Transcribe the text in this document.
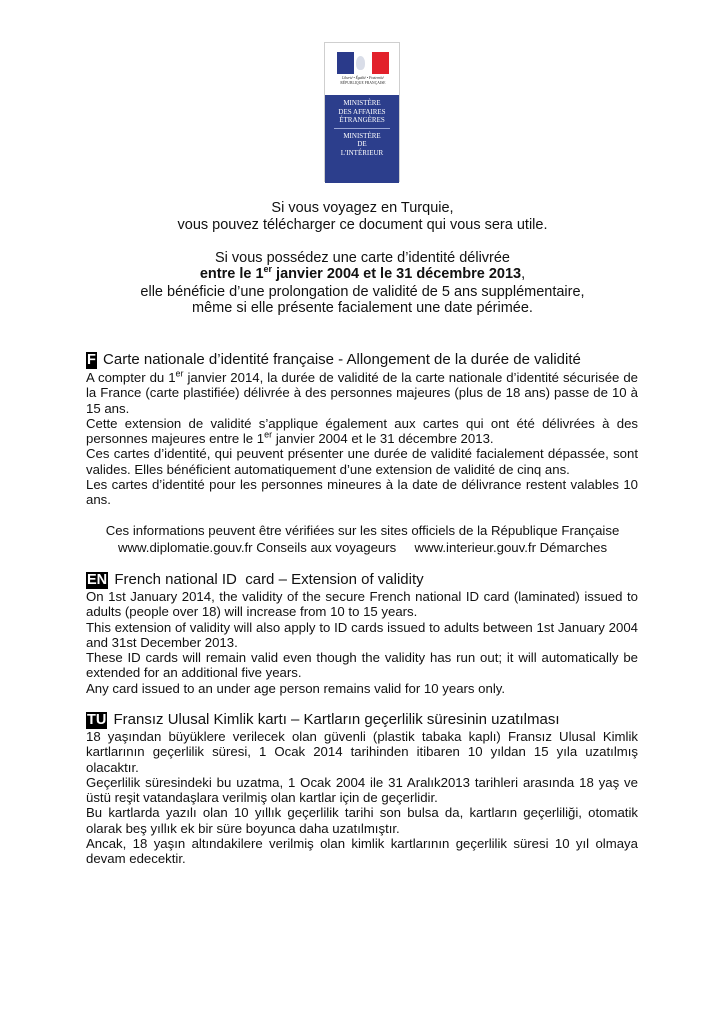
Liberté • Égalité • Fraternité
RÉPUBLIQUE FRANÇAISE
MINISTÈRE
DES AFFAIRES
ÉTRANGÈRES
MINISTÈRE
DE
L'INTÉRIEUR
Si vous voyagez en Turquie,
vous pouvez télécharger ce document qui vous sera utile.
Si vous possédez une carte d’identité délivrée
entre le 1er janvier 2004 et le 31 décembre 2013,
elle bénéficie d’une prolongation de validité de 5 ans supplémentaire,
même si elle présente facialement une date périmée.
F Carte nationale d’identité française - Allongement de la durée de validité

A compter du 1er janvier 2014, la durée de validité de la carte nationale d’identité sécurisée de la France (carte plastifiée) délivrée à des personnes majeures (plus de 18 ans) passe de 10 à 15 ans.

Cette extension de validité s’applique également aux cartes qui ont été délivrées à des personnes majeures entre le 1er janvier 2004 et le 31 décembre 2013.

Ces cartes d’identité, qui peuvent présenter une durée de validité facialement dépassée, sont valides. Elles bénéficient automatiquement d’une extension de validité de cinq ans.

Les cartes d’identité pour les personnes mineures à la date de délivrance restent valables 10 ans.

Ces informations peuvent être vérifiées sur les sites officiels de la République Française
www.diplomatie.gouv.fr Conseils aux voyageurs     www.interieur.gouv.fr Démarches
EN French national ID  card – Extension of validity

On 1st January 2014, the validity of the secure French national ID card (laminated) issued to adults (people over 18) will increase from 10 to 15 years.

This extension of validity will also apply to ID cards issued to adults between 1st January 2004 and 31st December 2013.

These ID cards will remain valid even though the validity has run out; it will automatically be extended for an additional five years.

Any card issued to an under age person remains valid for 10 years only.

TU Fransız Ulusal Kimlik kartı – Kartların geçerlilik süresinin uzatılması

18 yaşından büyüklere verilecek olan güvenli (plastik tabaka kaplı) Fransız Ulusal Kimlik kartlarının geçerlilik süresi, 1 Ocak 2014 tarihinden itibaren 10 yıldan 15 yıla uzatılmış olacaktır.

Geçerlilik süresindeki bu uzatma, 1 Ocak 2004 ile 31 Aralık2013 tarihleri arasında 18 yaş ve üstü reşit vatandaşlara verilmiş olan kartlar için de geçerlidir.

Bu kartlarda yazılı olan 10 yıllık geçerlilik tarihi son bulsa da, kartların geçerliliği, otomatik olarak beş yıllık ek bir süre boyunca daha uzatılmıştır.

Ancak, 18 yaşın altındakilere verilmiş olan kimlik kartlarının geçerlilik süresi 10 yıl olmaya devam edecektir.
